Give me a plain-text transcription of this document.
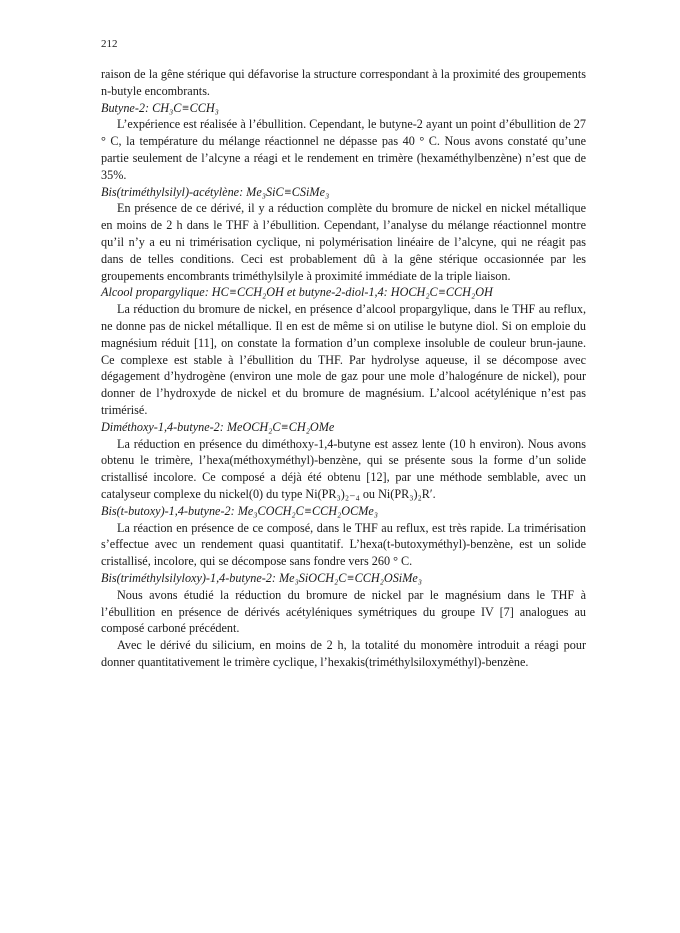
212

raison de la gêne stérique qui défavorise la structure correspondant à la proximité des groupements n-butyle encombrants.

Butyne-2: CH₃C≡CCH₃

L’expérience est réalisée à l’ébullition. Cependant, le butyne-2 ayant un point d’ébullition de 27 ° C, la température du mélange réactionnel ne dépasse pas 40 ° C. Nous avons constaté qu’une partie seulement de l’alcyne a réagi et le rendement en trimère (hexaméthylbenzène) n’est que de 35%.

Bis(triméthylsilyl)-acétylène: Me₃SiC≡CSiMe₃

En présence de ce dérivé, il y a réduction complète du bromure de nickel en nickel métallique en moins de 2 h dans le THF à l’ébullition. Cependant, l’analyse du mélange réactionnel montre qu’il n’y a eu ni trimérisation cyclique, ni polymérisation linéaire de l’alcyne, qui ne réagit pas dans de telles conditions. Ceci est probablement dû à la gêne stérique occasionnée par les groupements encombrants triméthylsilyle à proximité immédiate de la triple liaison.

Alcool propargylique: HC≡CCH₂OH et butyne-2-diol-1,4: HOCH₂C≡CCH₂OH

La réduction du bromure de nickel, en présence d’alcool propargylique, dans le THF au reflux, ne donne pas de nickel métallique. Il en est de même si on utilise le butyne diol. Si on emploie du magnésium réduit [11], on constate la formation d’un complexe insoluble de couleur brun-jaune. Ce complexe est stable à l’ébullition du THF. Par hydrolyse aqueuse, il se décompose avec dégagement d’hydrogène (environ une mole de gaz pour une mole d’halogénure de nickel), pour donner de l’hydroxyde de nickel et du bromure de magnésium. L’alcool acétylénique n’est pas trimérisé.

Diméthoxy-1,4-butyne-2: MeOCH₂C≡CH₂OMe

La réduction en présence du diméthoxy-1,4-butyne est assez lente (10 h environ). Nous avons obtenu le trimère, l’hexa(méthoxyméthyl)-benzène, qui se présente sous la forme d’un solide cristallisé incolore. Ce composé a déjà été obtenu [12], par une méthode semblable, avec un catalyseur complexe du nickel(0) du type Ni(PR₃)₂₋₄ ou Ni(PR₃)₂R′.

Bis(t-butoxy)-1,4-butyne-2: Me₃COCH₂C≡CCH₂OCMe₃

La réaction en présence de ce composé, dans le THF au reflux, est très rapide. La trimérisation s’effectue avec un rendement quasi quantitatif. L’hexa(t-butoxyméthyl)-benzène, est un solide cristallisé, incolore, qui se décompose sans fondre vers 260 ° C.

Bis(triméthylsilyloxy)-1,4-butyne-2: Me₃SiOCH₂C≡CCH₂OSiMe₃

Nous avons étudié la réduction du bromure de nickel par le magnésium dans le THF à l’ébullition en présence de dérivés acétyléniques symétriques du groupe IV [7] analogues au composé carboné précédent.

Avec le dérivé du silicium, en moins de 2 h, la totalité du monomère introduit a réagi pour donner quantitativement le trimère cyclique, l’hexakis(triméthylsiloxyméthyl)-benzène.
